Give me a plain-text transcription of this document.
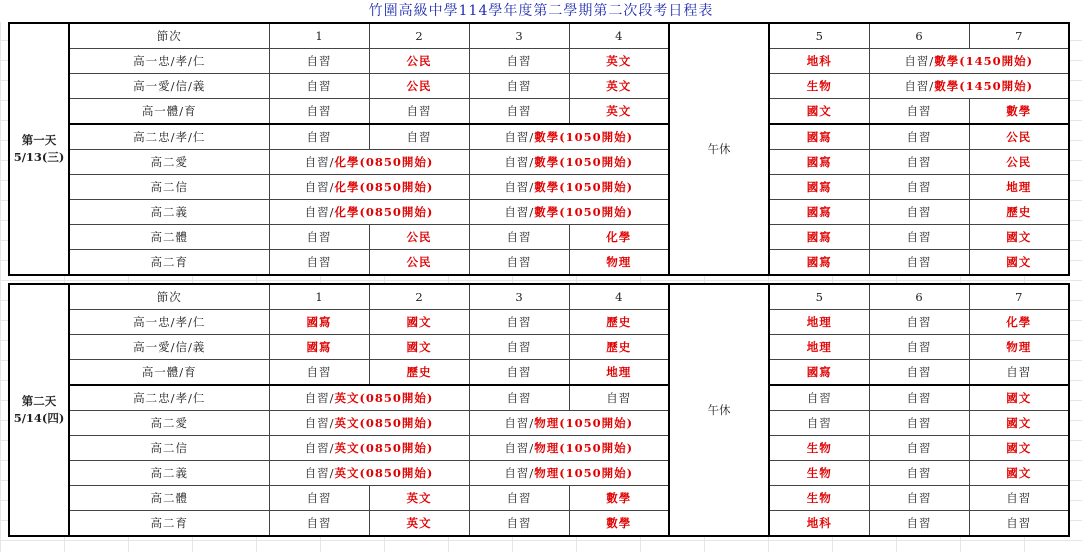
竹圍高級中學114學年度第二學期第二次段考日程表
第一天
5/13(三)	節次	1	2	3	4	午休	5	6	7
	高一忠/孝/仁	自習	公民	自習	英文		地科	自習/數學(1450開始)	
	高一愛/信/義	自習	公民	自習	英文		生物	自習/數學(1450開始)	
	高一體/育	自習	自習	自習	英文		國文	自習	數學
	高二忠/孝/仁	自習	自習	自習/數學(1050開始)			國寫	自習	公民
	高二愛	自習/化學(0850開始)		自習/數學(1050開始)			國寫	自習	公民
	高二信	自習/化學(0850開始)		自習/數學(1050開始)			國寫	自習	地理
	高二義	自習/化學(0850開始)		自習/數學(1050開始)			國寫	自習	歷史
	高二體	自習	公民	自習	化學		國寫	自習	國文
	高二育	自習	公民	自習	物理		國寫	自習	國文
第二天
5/14(四)	節次	1	2	3	4	午休	5	6	7
	高一忠/孝/仁	國寫	國文	自習	歷史		地理	自習	化學
	高一愛/信/義	國寫	國文	自習	歷史		地理	自習	物理
	高一體/育	自習	歷史	自習	地理		國寫	自習	自習
	高二忠/孝/仁	自習/英文(0850開始)		自習	自習		自習	自習	國文
	高二愛	自習/英文(0850開始)		自習/物理(1050開始)			自習	自習	國文
	高二信	自習/英文(0850開始)		自習/物理(1050開始)			生物	自習	國文
	高二義	自習/英文(0850開始)		自習/物理(1050開始)			生物	自習	國文
	高二體	自習	英文	自習	數學		生物	自習	自習
	高二育	自習	英文	自習	數學		地科	自習	自習
